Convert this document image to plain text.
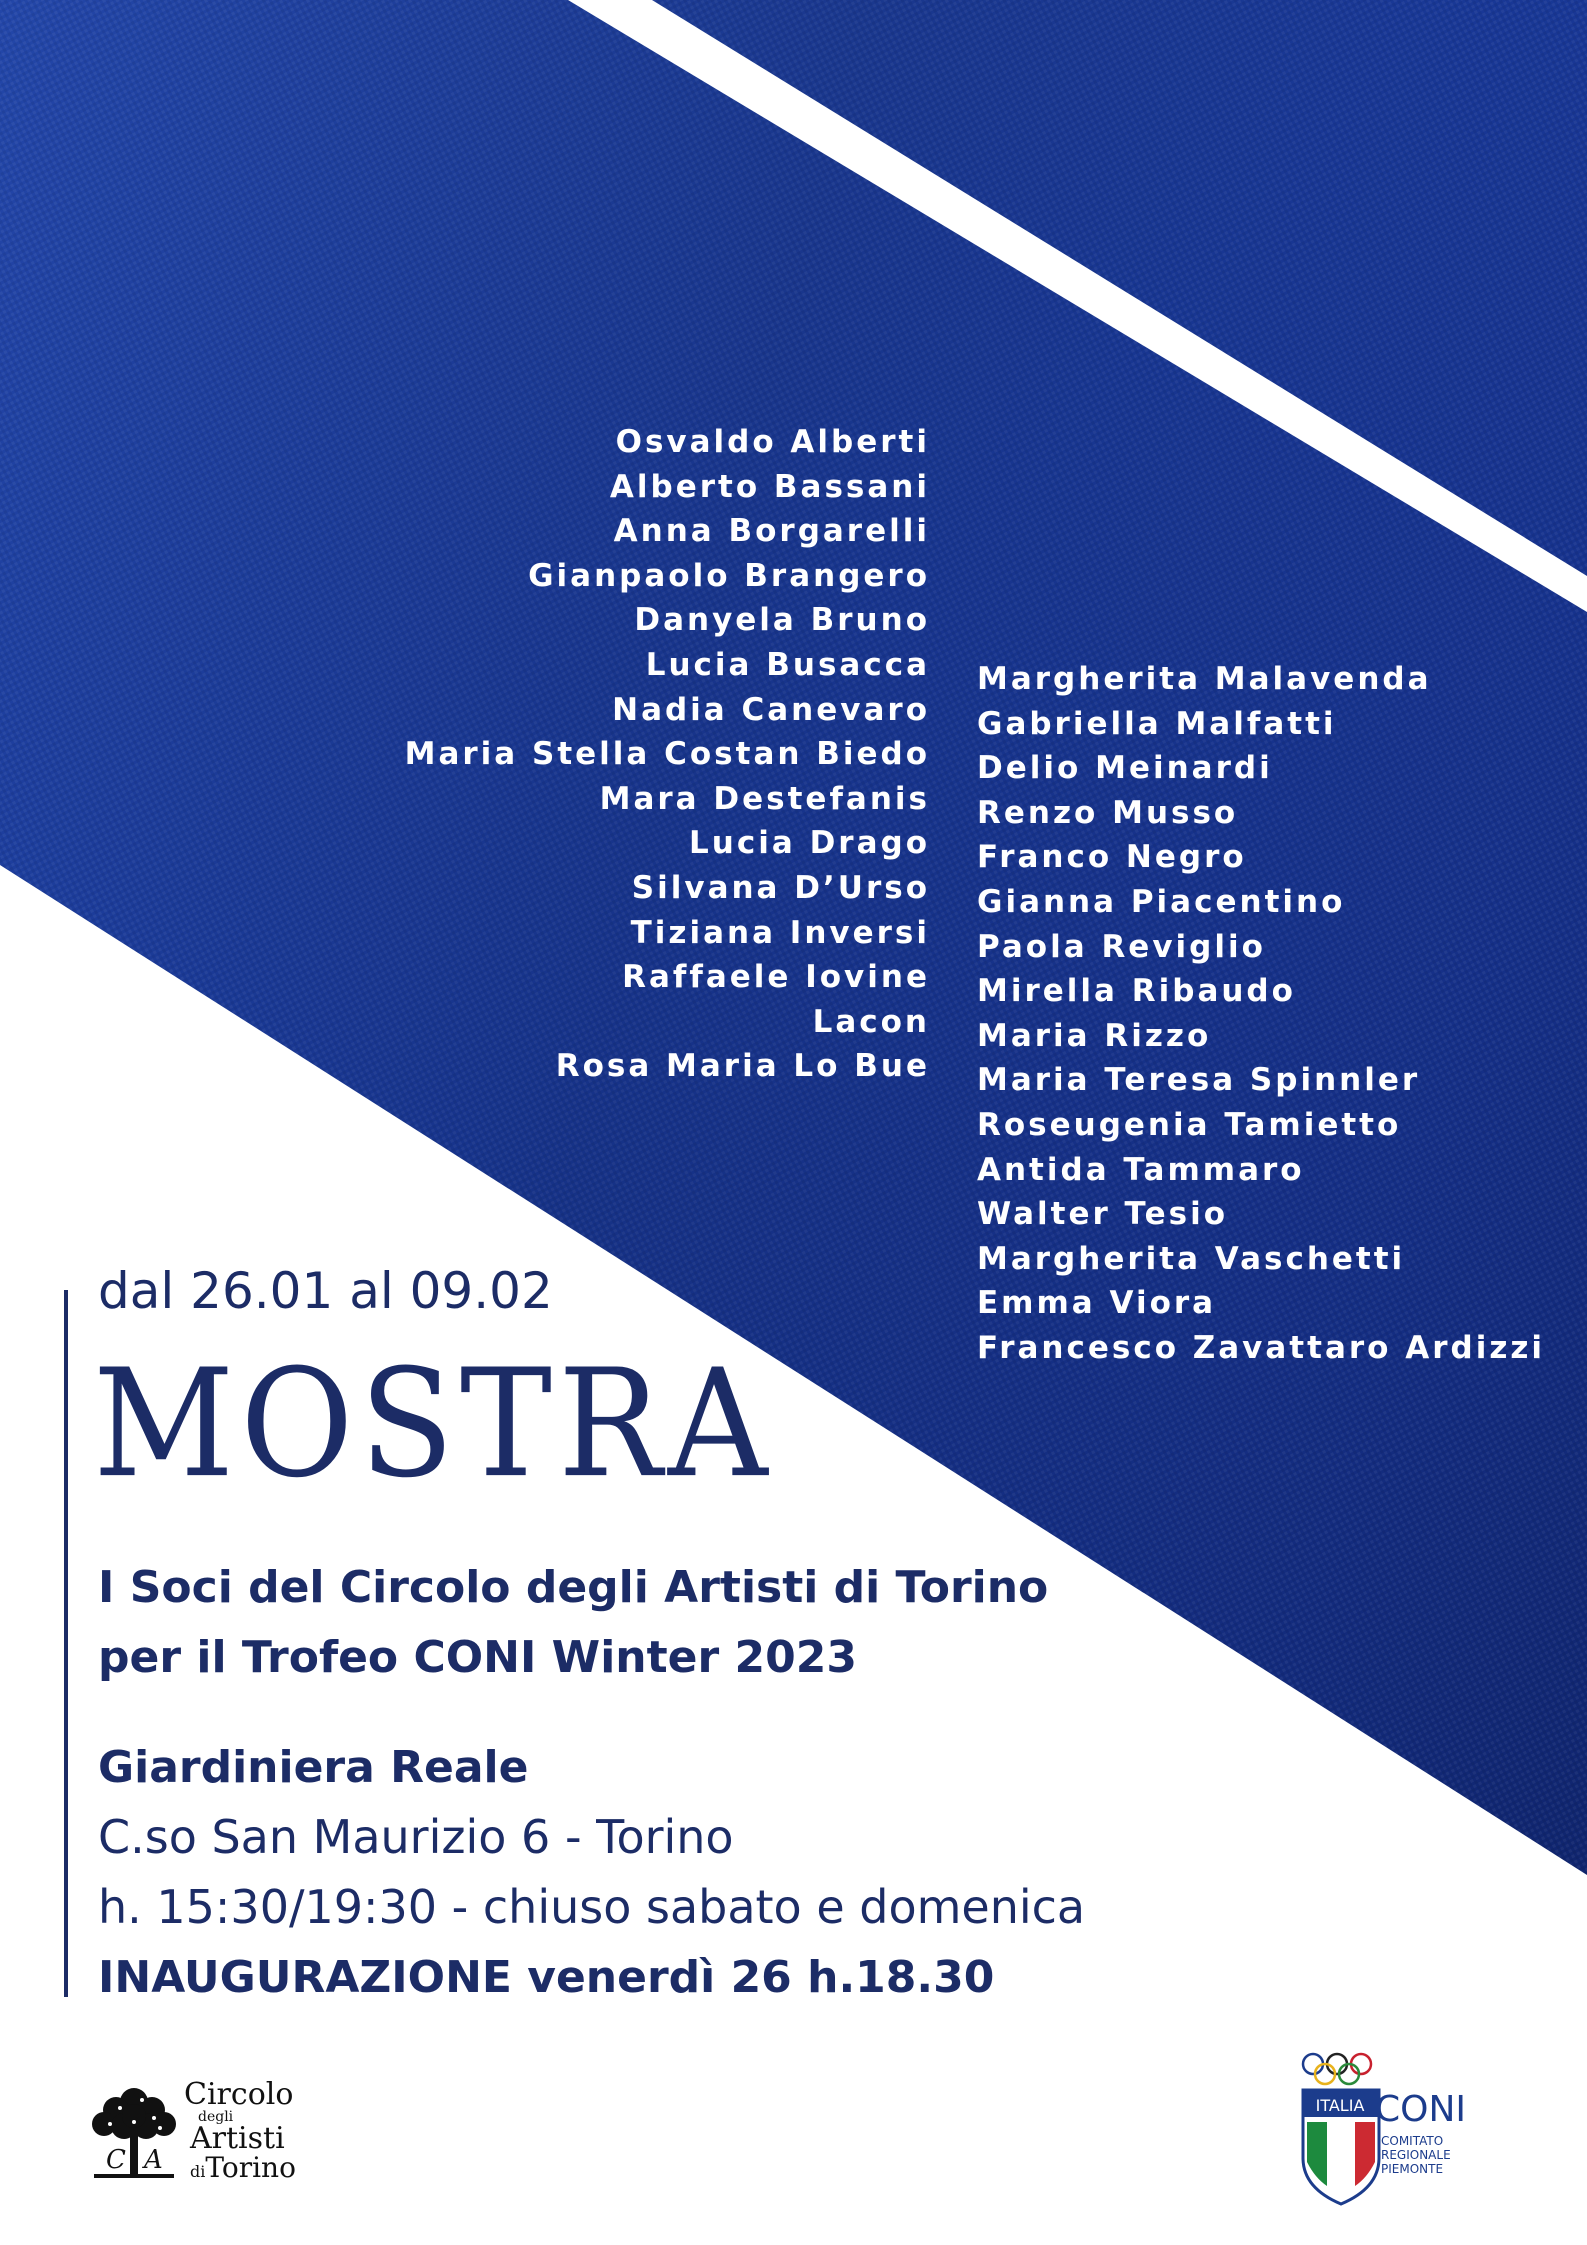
Osvaldo Alberti
Alberto Bassani
Anna Borgarelli
Gianpaolo Brangero
Danyela Bruno
Lucia Busacca
Nadia Canevaro
Maria Stella Costan Biedo
Mara Destefanis
Lucia Drago
Silvana D’Urso
Tiziana Inversi
Raffaele Iovine
Lacon
Rosa Maria Lo Bue
Margherita Malavenda
Gabriella Malfatti
Delio Meinardi
Renzo Musso
Franco Negro
Gianna Piacentino
Paola Reviglio
Mirella Ribaudo
Maria Rizzo
Maria Teresa Spinnler
Roseugenia Tamietto
Antida Tammaro
Walter Tesio
Margherita Vaschetti
Emma Viora
Francesco Zavattaro Ardizzi
dal 26.01 al 09.02
MOSTRA
I Soci del Circolo degli Artisti di Torino
per il Trofeo CONI Winter 2023
Giardiniera Reale
C.so San Maurizio 6 - Torino
h. 15:30/19:30 - chiuso sabato e domenica
INAUGURAZIONE venerdì 26 h.18.30
C A
Circolo
degli
Artisti
diTorino
ITALIA CONI
COMITATO
REGIONALE
PIEMONTE
